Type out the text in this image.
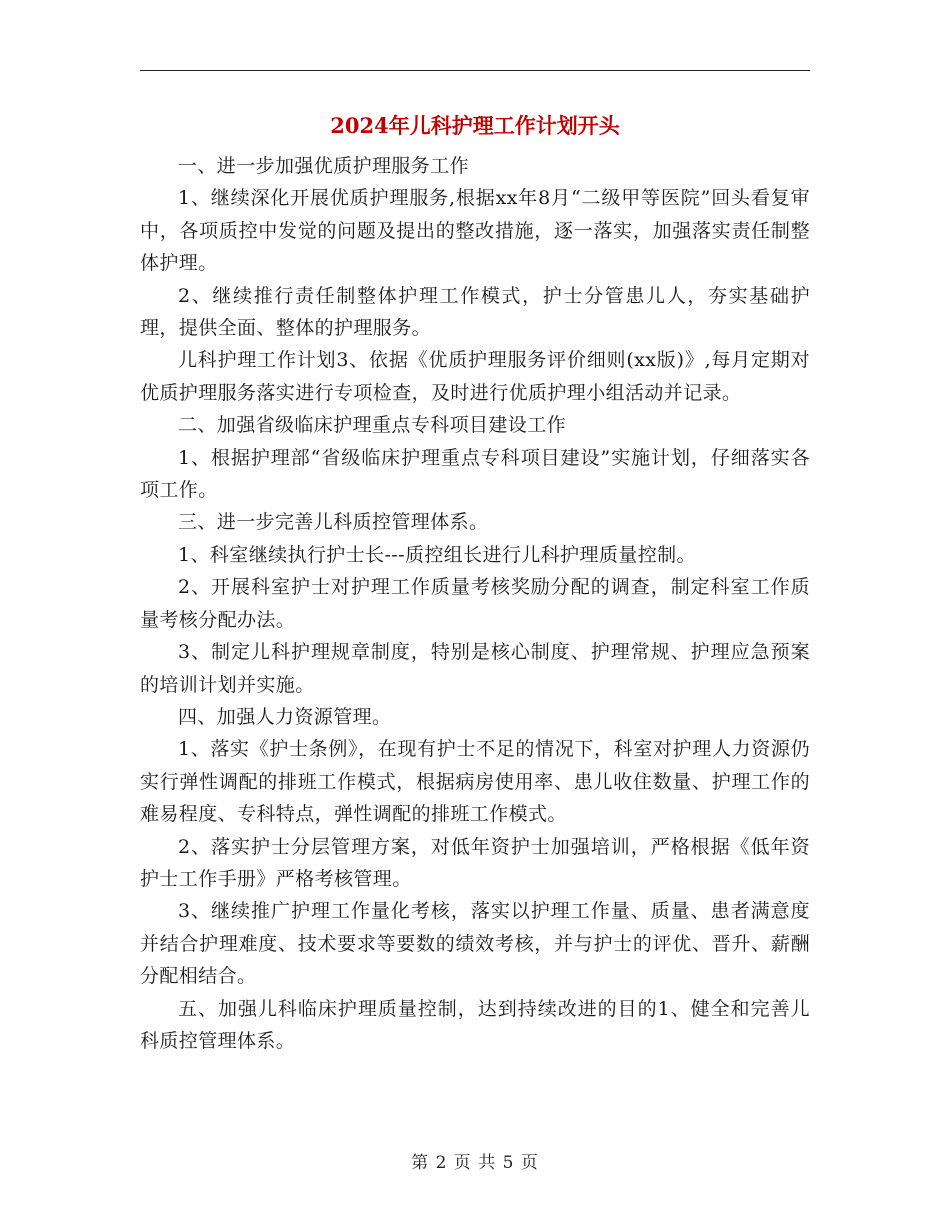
2024年儿科护理工作计划开头

一、进一步加强优质护理服务工作

1、继续深化开展优质护理服务,根据xx年8月“二级甲等医院”回头看复审中，各项质控中发觉的问题及提出的整改措施，逐一落实，加强落实责任制整体护理。

2、继续推行责任制整体护理工作模式，护士分管患儿人，夯实基础护理，提供全面、整体的护理服务。

儿科护理工作计划3、依据《优质护理服务评价细则(xx版)》,每月定期对优质护理服务落实进行专项检查，及时进行优质护理小组活动并记录。

二、加强省级临床护理重点专科项目建设工作

1、根据护理部“省级临床护理重点专科项目建设”实施计划，仔细落实各项工作。

三、进一步完善儿科质控管理体系。

1、科室继续执行护士长---质控组长进行儿科护理质量控制。

2、开展科室护士对护理工作质量考核奖励分配的调查，制定科室工作质量考核分配办法。

3、制定儿科护理规章制度，特别是核心制度、护理常规、护理应急预案的培训计划并实施。

四、加强人力资源管理。

1、落实《护士条例》，在现有护士不足的情况下，科室对护理人力资源仍实行弹性调配的排班工作模式，根据病房使用率、患儿收住数量、护理工作的难易程度、专科特点，弹性调配的排班工作模式。

2、落实护士分层管理方案，对低年资护士加强培训，严格根据《低年资护士工作手册》严格考核管理。

3、继续推广护理工作量化考核，落实以护理工作量、质量、患者满意度并结合护理难度、技术要求等要数的绩效考核，并与护士的评优、晋升、薪酬分配相结合。

五、加强儿科临床护理质量控制，达到持续改进的目的1、健全和完善儿科质控管理体系。

第 2 页 共 5 页
